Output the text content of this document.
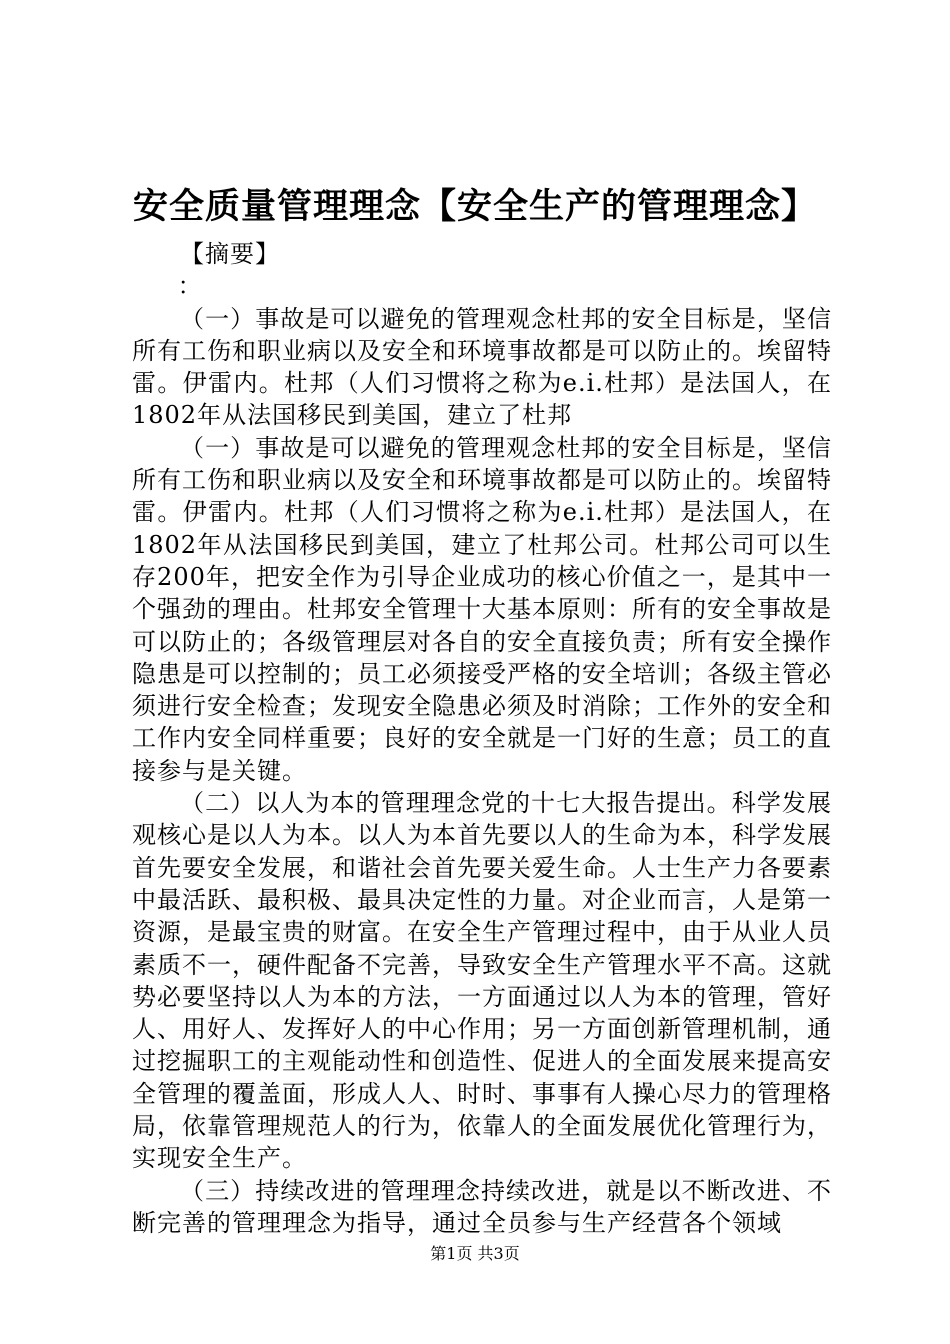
安全质量管理理念【安全生产的管理理念】

【摘要】

：

（一）事故是可以避免的管理观念杜邦的安全目标是，坚信所有工伤和职业病以及安全和环境事故都是可以防止的。埃留特雷。伊雷内。杜邦（人们习惯将之称为e.i.杜邦）是法国人，在1802年从法国移民到美国，建立了杜邦

（一）事故是可以避免的管理观念杜邦的安全目标是，坚信所有工伤和职业病以及安全和环境事故都是可以防止的。埃留特雷。伊雷内。杜邦（人们习惯将之称为e.i.杜邦）是法国人，在1802年从法国移民到美国，建立了杜邦公司。杜邦公司可以生存200年，把安全作为引导企业成功的核心价值之一，是其中一个强劲的理由。杜邦安全管理十大基本原则：所有的安全事故是可以防止的；各级管理层对各自的安全直接负责；所有安全操作隐患是可以控制的；员工必须接受严格的安全培训；各级主管必须进行安全检查；发现安全隐患必须及时消除；工作外的安全和工作内安全同样重要；良好的安全就是一门好的生意；员工的直接参与是关键。

（二）以人为本的管理理念党的十七大报告提出。科学发展观核心是以人为本。以人为本首先要以人的生命为本，科学发展首先要安全发展，和谐社会首先要关爱生命。人士生产力各要素中最活跃、最积极、最具决定性的力量。对企业而言，人是第一资源，是最宝贵的财富。在安全生产管理过程中，由于从业人员素质不一，硬件配备不完善，导致安全生产管理水平不高。这就势必要坚持以人为本的方法，一方面通过以人为本的管理，管好人、用好人、发挥好人的中心作用；另一方面创新管理机制，通过挖掘职工的主观能动性和创造性、促进人的全面发展来提高安全管理的覆盖面，形成人人、时时、事事有人操心尽力的管理格局，依靠管理规范人的行为，依靠人的全面发展优化管理行为，实现安全生产。

（三）持续改进的管理理念持续改进，就是以不断改进、不断完善的管理理念为指导，通过全员参与生产经营各个领域

第1页 共3页
